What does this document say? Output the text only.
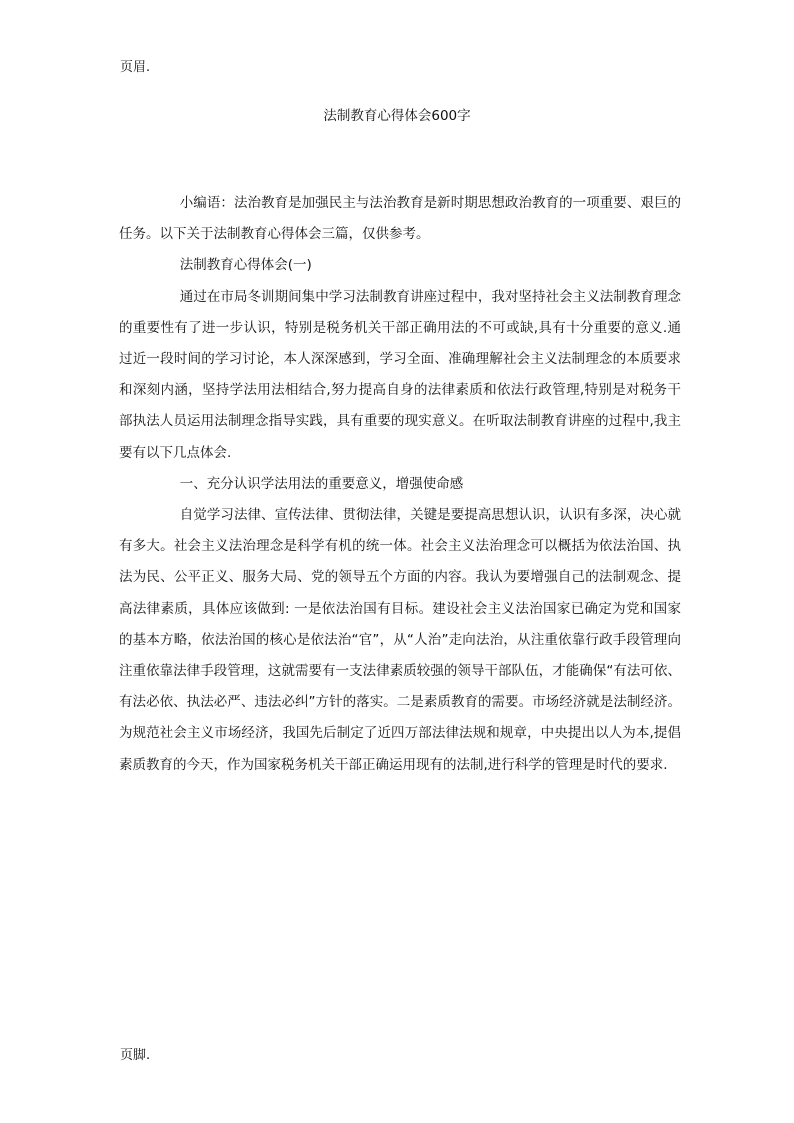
页眉.
法制教育心得体会600字

小编语：法治教育是加强民主与法治教育是新时期思想政治教育的一项重要、艰巨的任务。以下关于法制教育心得体会三篇，仅供参考。

法制教育心得体会(一)

通过在市局冬训期间集中学习法制教育讲座过程中，我对坚持社会主义法制教育理念的重要性有了进一步认识，特别是税务机关干部正确用法的不可或缺,具有十分重要的意义.通过近一段时间的学习讨论，本人深深感到，学习全面、准确理解社会主义法制理念的本质要求和深刻内涵，坚持学法用法相结合,努力提高自身的法律素质和依法行政管理,特别是对税务干部执法人员运用法制理念指导实践，具有重要的现实意义。在听取法制教育讲座的过程中,我主要有以下几点体会.

一、充分认识学法用法的重要意义，增强使命感

自觉学习法律、宣传法律、贯彻法律，关键是要提高思想认识，认识有多深，决心就有多大。社会主义法治理念是科学有机的统一体。社会主义法治理念可以概括为依法治国、执法为民、公平正义、服务大局、党的领导五个方面的内容。我认为要增强自己的法制观念、提高法律素质，具体应该做到: 一是依法治国有目标。建设社会主义法治国家已确定为党和国家的基本方略，依法治国的核心是依法治“官”，从“人治”走向法治，从注重依靠行政手段管理向注重依靠法律手段管理，这就需要有一支法律素质较强的领导干部队伍，才能确保“有法可依、有法必依、执法必严、违法必纠”方针的落实。二是素质教育的需要。市场经济就是法制经济。为规范社会主义市场经济，我国先后制定了近四万部法律法规和规章，中央提出以人为本,提倡素质教育的今天，作为国家税务机关干部正确运用现有的法制,进行科学的管理是时代的要求.

页脚.
